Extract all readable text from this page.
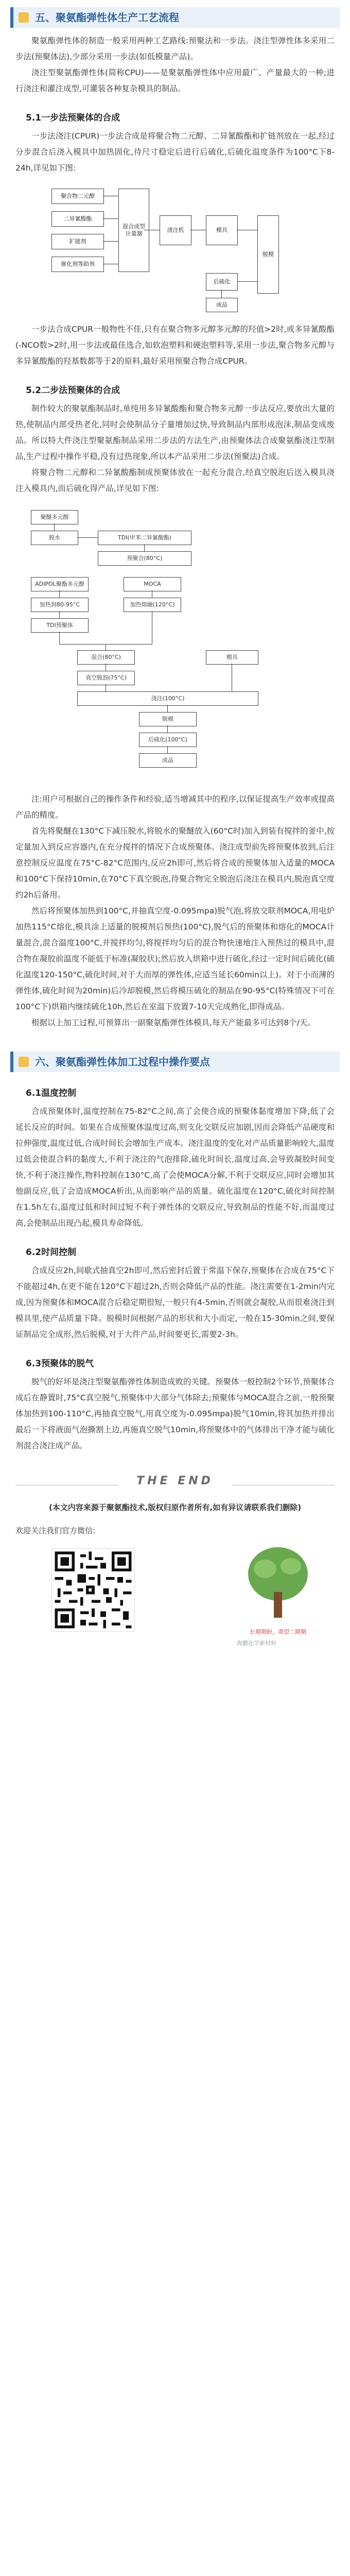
五、聚氨酯弹性体生产工艺流程

聚氨酯弹性体的制造一般采用两种工艺路线:预聚法和一步法。浇注型弹性体多采用二步法(预聚体法),少部分采用一步法(如低模量产品)。

浇注型聚氨酯弹性体(简称CPU)——是聚氨酯弹性体中应用最广、产量最大的一种;进行浇注和灌注成型,可灌装各种复杂模具的制品。

5.1一步法预聚体的合成

一步法浇注(CPUR)一步法合成是将聚合物二元醇、二异氰酸酯和扩链剂放在一起,经过分步混合后浇入模具中加热固化,待尺寸稳定后进行后硫化,后硫化温度条件为100°C下8-24h,详见如下图:

聚合物二元醇
二异氰酸酯
扩链剂
催化剂等助剂
混合成型计量器
浇注机	模具
脱模
后硫化
成品

一步法合成CPUR一般物性不佳,只有在聚合物多元醇多元醇的羟值>2时,或多异氰酸酯(-NCO数>2时,用一步法或最佳选合,如软泡塑料和硬泡塑料等,采用一步法,聚合物多元醇与多异氰酸酯的羟基数都等于2的原料,最好采用预聚合物合成CPUR。

5.2二步法预聚体的合成

制作较大的聚氨酯制品时,单纯用多异氰酸酯和聚合物多元醇一步法反应,要放出大量的热,使制品内部受热老化,同时会使制品分子量增加过快,导致制品内部形成泡沫,制品变成废品。所以特大件浇注型聚氨酯制品采用二步法的方法生产,由预聚体法合成聚氨酯浇注型制品,生产过程中操作平稳,没有过热现象,所以本产品采用二步法(预聚法)合成。

将聚合物二元醇和二异氰酸酯制成预聚体放在一起充分混合,经真空脱泡后送入模具浇注入模具内,而后硫化得产品,详见如下图:

聚醚多元醇
脱水	TDI(甲苯二异氰酸酯)
预聚合(80°C)
ADIPOL聚酯多元醇
加热到80-95°C
TDI预聚体
MOCA
加热熔融(120°C)
混合(80°C)
真空脱泡(75°C)
模具
浇注(100°C)
脱模
后硫化(100°C)
成品

注:用户可根据自己的操作条件和经验,适当增减其中的程序,以保证提高生产效率或提高产品的精度。

首先将聚醚在130°C下减压脱水,将脱水的聚醚放入(60°C时)加入到装有搅拌的釜中,按定量加入到反应容器内,在充分搅拌的情况下合成预聚体。浇注成型前先将预聚体放到,后注意控制反应温度在75°C-82°C范围内,反应2h即可,然后将合成的预聚体加入适量的MOCA和100°C下保持10min,在70°C下真空脱泡,待聚合物完全脱泡后浇注在模具内,脱泡真空度约2h后备用。

然后将预聚体加热到100°C,并抽真空度-0.095mpa)脱气泡,将放交联剂MOCA,用电炉加热115°C熔化,模具涂上适量的脱模剂后预热(100°C),脱气后的预聚体和熔化的MOCA计量混合,混合温度100°C,并搅拌均匀,将搅拌均匀后的混合物快速地注入预热过的模具中,混合物在凝胶前温度不能低于标准(凝胶状);然后放入烘箱中进行硫化,经过一定时间后硫化(硫化温度120-150°C,硫化时间,对于大而厚的弹性体,应适当延长60min以上)。对于小而薄的弹性体,硫化时间为20min)后冷却脱模,然后将模压硫化的制品在90-95°C(特殊情况下可在100°C下)烘箱内继续硫化10h,然后在室温下放置7-10天完成熟化,即得成品。

根据以上加工过程,可预算出一副聚氨酯弹性体模具,每天产能最多可达到8个/天。

六、聚氨酯弹性体加工过程中操作要点
6.1温度控制

合成预聚体时,温度控制在75-82°C之间,高了会使合成的预聚体黏度增加下降,低了会延长反应的时间。如果在合成预聚体温度过高,则支化交联反应加剧,因而会降低产品硬度和拉伸强度,温度过低,合成时间长会增加生产成本。浇注温度的变化对产品质量影响较大,温度过低会使混合料的黏度大,不利于浇注的气泡排除,硫化时间长,温度过高,会导致凝胶时间变快,不利于浇注操作,物料控制在130°C,高了会使MOCA分解,不利于交联反应,同时会增加其他副反应,低了会造成MOCA析出,从而影响产品的质量。硫化温度在120°C,硫化时间控制在1.5h左右,温度过低和时间过短不利于弹性体的交联反应,导致制品的性能不好,而温度过高,会使制品出现凸起,模具寿命降低。

6.2时间控制

合成反应2h,间歇式抽真空2h即可,然后密封后置于常温下保存,预聚体在合成在75°C下不能超过4h,在更不能在120°C下超过2h,否则会降低产品的性能。浇注需要在1-2min内完成,因为预聚体和MOCA混合后稳定期很短,一般只有4-5min,否则就会凝胶,从而很难浇注到模具里,使产品质量下降。脱模时间根据产品的形状和大小而定,一般在15-30min之间,要保证制品完全成形,然后脱模,对于大件产品,时间要更长,需要2-3h。

6.3预聚体的脱气

脱气的好坏是浇注型聚氨酯弹性体制造成败的关键。预聚体一般控制2个环节,预聚体合成后在静置时,75°C真空脱气,预聚体中大部分气体除去;预聚体与MOCA混合之前,一般预聚体加热到100-110°C,再抽真空脱气,用真空度为-0.095mpa)脱气10min,将其加热并排出最后一下将液面气泡撕割上边,再施真空脱气10min,将预聚体中的气体排出干净才能与硫化剂混合浇注成产品。

THE END
(本文内容来源于聚氨酯技术,版权归原作者所有,如有异议请联系我们删除)
欢迎关注我们官方微信:
长期期盼、寄望二期期
海鹏化学新材料
